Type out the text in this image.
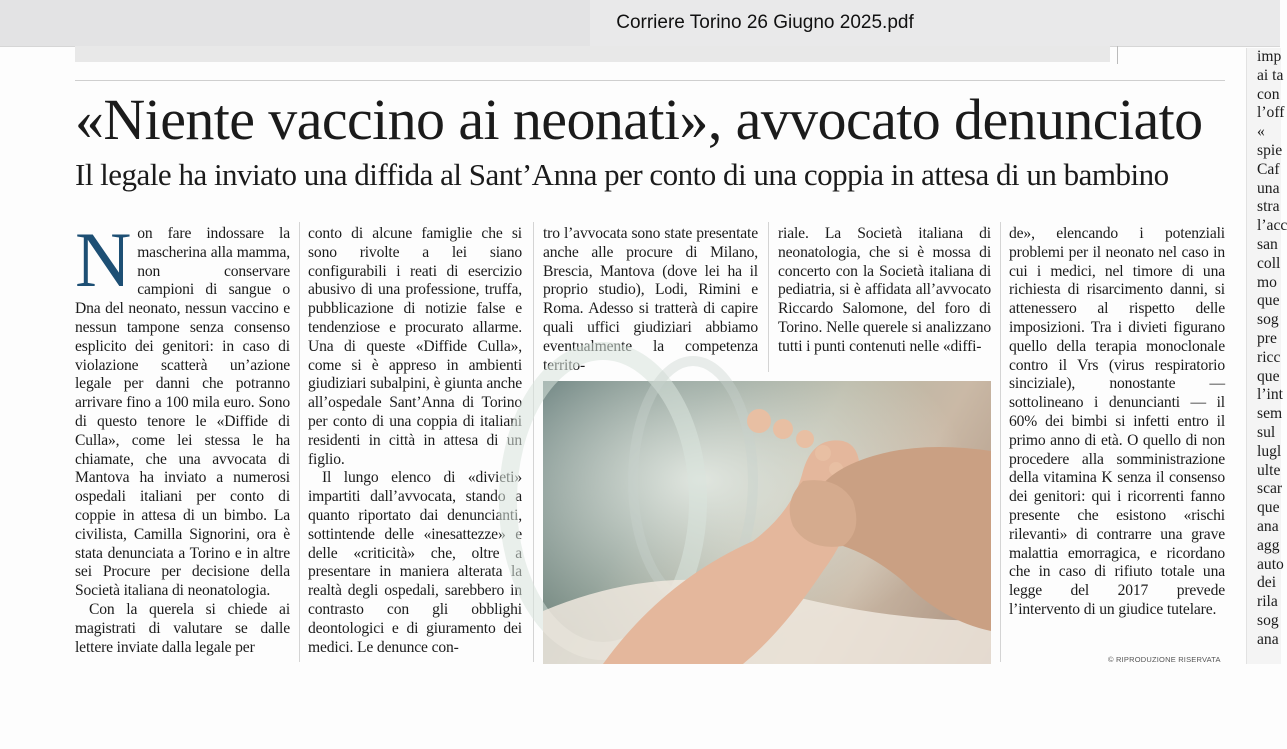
Corriere Torino 26 Giugno 2025.pdf
«Niente vaccino ai neonati», avvocato denunciato
Il legale ha inviato una diffida al Sant’Anna per conto di una coppia in attesa di un bambino

Non fare indossare la mascherina alla mamma, non conservare campioni di sangue o Dna del neonato, nessun vaccino e nessun tampone senza consenso esplicito dei genitori: in caso di violazione scatterà un’azione legale per danni che potranno arrivare fino a 100 mila euro. Sono di questo tenore le «Diffide di Culla», come lei stessa le ha chiamate, che una avvocata di Mantova ha inviato a numerosi ospedali italiani per conto di coppie in attesa di un bimbo. La civilista, Camilla Signorini, ora è stata denunciata a Torino e in altre sei Procure per decisione della Società italiana di neonatologia.

Con la querela si chiede ai magistrati di valutare se dalle lettere inviate dalla legale per

conto di alcune famiglie che si sono rivolte a lei siano configurabili i reati di esercizio abusivo di una professione, truffa, pubblicazione di notizie false e tendenziose e procurato allarme. Una di queste «Diffide Culla», come si è appreso in ambienti giudiziari subalpini, è giunta anche all’ospedale Sant’Anna di Torino per conto di una coppia di italiani residenti in città in attesa di un figlio.

Il lungo elenco di «divieti» impartiti dall’avvocata, stando a quanto riportato dai denuncianti, sottintende delle «inesattezze» e delle «criticità» che, oltre a presentare in maniera alterata la realtà degli ospedali, sarebbero in contrasto con gli obblighi deontologici e di giuramento dei medici. Le denunce con-

tro l’avvocata sono state presentate anche alle procure di Milano, Brescia, Mantova (dove lei ha il proprio studio), Lodi, Rimini e Roma. Adesso si tratterà di capire quali uffici giudiziari abbiamo eventualmente la competenza territo-

riale. La Società italiana di neonatologia, che si è mossa di concerto con la Società italiana di pediatria, si è affidata all’avvocato Riccardo Salomone, del foro di Torino. Nelle querele si analizzano tutti i punti contenuti nelle «diffi-

de», elencando i potenziali problemi per il neonato nel caso in cui i medici, nel timore di una richiesta di risarcimento danni, si attenessero al rispetto delle imposizioni. Tra i divieti figurano quello della terapia monoclonale contro il Vrs (virus respiratorio sinciziale), nonostante — sottolineano i denuncianti — il 60% dei bimbi si infetti entro il primo anno di età. O quello di non procedere alla somministrazione della vitamina K senza il consenso dei genitori: qui i ricorrenti fanno presente che esistono «rischi rilevanti» di contrarre una grave malattia emorragica, e ricordano che in caso di rifiuto totale una legge del 2017 prevede l’intervento di un giudice tutelare.

© RIPRODUZIONE RISERVATA
imp
ai ta
con
l’off
«
spie
Caf
una
stra
l’acc
san
coll
mo
que
sog
pre
ricc
que
l’int
sem
sul
lugl
ulte
scar
que
ana
agg
auto
dei
rila
sog
ana
